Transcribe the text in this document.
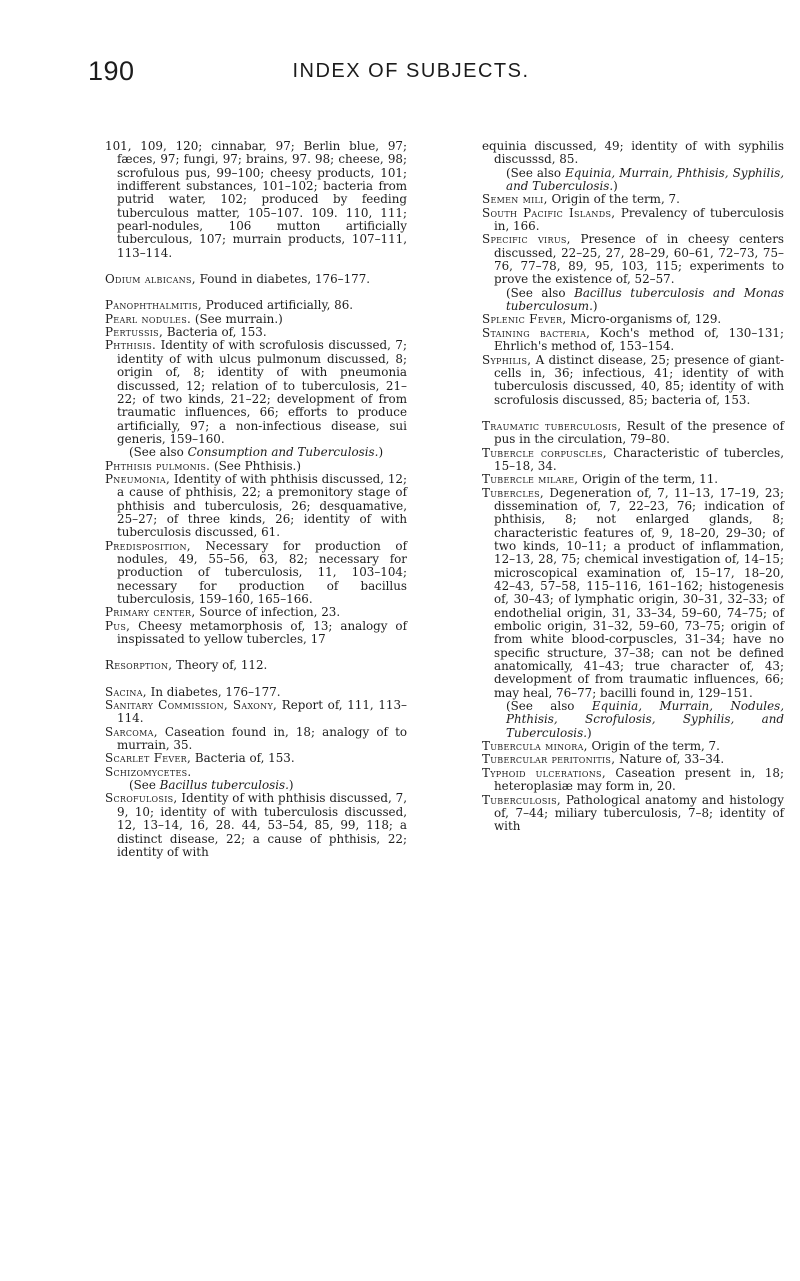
190	INDEX OF SUBJECTS.

101, 109, 120; cinnabar, 97; Berlin blue, 97; fæces, 97; fungi, 97; brains, 97. 98; cheese, 98; scrofulous pus, 99–100; cheesy products, 101; indifferent substances, 101–102; bacteria from putrid water, 102; produced by feeding tuberculous matter, 105–107. 109. 110, 111; pearl-nodules, 106 mutton artificially tuberculous, 107; murrain products, 107–111, 113–114.

Odium albicans, Found in diabetes, 176–177.

Panophthalmitis, Produced artificially, 86.

Pearl nodules. (See murrain.)

Pertussis, Bacteria of, 153.

Phthisis. Identity of with scrofulosis discussed, 7; identity of with ulcus pulmonum discussed, 8; origin of, 8; identity of with pneumonia discussed, 12; relation of to tuberculosis, 21–22; of two kinds, 21–22; development of from traumatic influences, 66; efforts to produce artificially, 97; a non-infectious disease, sui generis, 159–160.
(See also Consumption and Tuberculosis.)

Phthisis pulmonis. (See Phthisis.)

Pneumonia, Identity of with phthisis discussed, 12; a cause of phthisis, 22; a premonitory stage of phthisis and tuberculosis, 26; desquamative, 25–27; of three kinds, 26; identity of with tuberculosis discussed, 61.

Predisposition, Necessary for production of nodules, 49, 55–56, 63, 82; necessary for production of tuberculosis, 11, 103–104; necessary for production of bacillus tuberculosis, 159–160, 165–166.

Primary center, Source of infection, 23.

Pus, Cheesy metamorphosis of, 13; analogy of inspissated to yellow tubercles, 17

Resorption, Theory of, 112.

Sacina, In diabetes, 176–177.

Sanitary Commission, Saxony, Report of, 111, 113–114.

Sarcoma, Caseation found in, 18; analogy of to murrain, 35.

Scarlet Fever, Bacteria of, 153.

Schizomycetes.
(See Bacillus tuberculosis.)

Scrofulosis, Identity of with phthisis discussed, 7, 9, 10; identity of with tuberculosis discussed, 12, 13–14, 16, 28. 44, 53–54, 85, 99, 118; a distinct disease, 22; a cause of phthisis, 22; identity of with

equinia discussed, 49; identity of with syphilis discusssd, 85.
(See also Equinia, Murrain, Phthisis, Syphilis, and Tuberculosis.)

Semen mili, Origin of the term, 7.

South Pacific Islands, Prevalency of tuberculosis in, 166.

Specific virus, Presence of in cheesy centers discussed, 22–25, 27, 28–29, 60–61, 72–73, 75–76, 77–78, 89, 95, 103, 115; experiments to prove the existence of, 52–57.
(See also Bacillus tuberculosis and Monas tuberculosum.)

Splenic Fever, Micro-organisms of, 129.

Staining bacteria, Koch's method of, 130–131; Ehrlich's method of, 153–154.

Syphilis, A distinct disease, 25; presence of giant-cells in, 36; infectious, 41; identity of with tuberculosis discussed, 40, 85; identity of with scrofulosis discussed, 85; bacteria of, 153.

Traumatic tuberculosis, Result of the presence of pus in the circulation, 79–80.

Tubercle corpuscles, Characteristic of tubercles, 15–18, 34.

Tubercle milare, Origin of the term, 11.

Tubercles, Degeneration of, 7, 11–13, 17–19, 23; dissemination of, 7, 22–23, 76; indication of phthisis, 8; not enlarged glands, 8; characteristic features of, 9, 18–20, 29–30; of two kinds, 10–11; a product of inflammation, 12–13, 28, 75; chemical investigation of, 14–15; microscopical examination of, 15–17, 18–20, 42–43, 57–58, 115–116, 161–162; histogenesis of, 30–43; of lymphatic origin, 30–31, 32–33; of endothelial origin, 31, 33–34, 59–60, 74–75; of embolic origin, 31–32, 59–60, 73–75; origin of from white blood-corpuscles, 31–34; have no specific structure, 37–38; can not be defined anatomically, 41–43; true character of, 43; development of from traumatic influences, 66; may heal, 76–77; bacilli found in, 129–151.
(See also Equinia, Murrain, Nodules, Phthisis, Scrofulosis, Syphilis, and Tuberculosis.)

Tubercula minora, Origin of the term, 7.

Tubercular peritonitis, Nature of, 33–34.

Typhoid ulcerations, Caseation present in, 18; heteroplasiæ may form in, 20.

Tuberculosis, Pathological anatomy and histology of, 7–44; miliary tuberculosis, 7–8; identity of with
